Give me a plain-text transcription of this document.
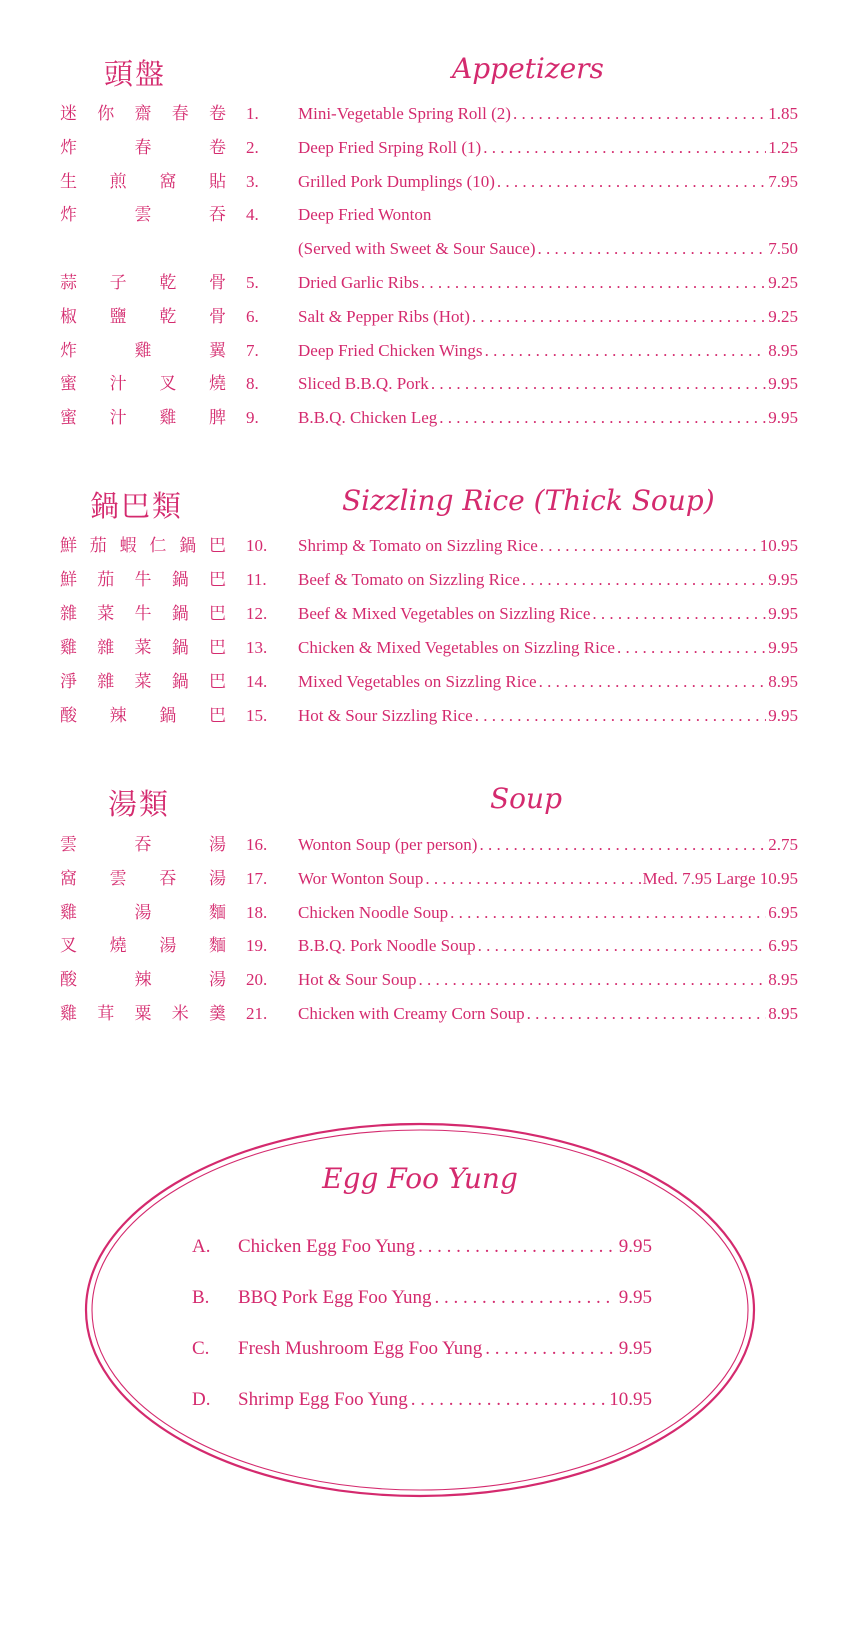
頭盤	Appetizers
迷你齋春卷 1.	Mini-Vegetable Spring Roll (2) . . .	1.85
炸春卷 2.	Deep Fried Srping Roll (1) . . .	1.25
生煎窩貼 3.	Grilled Pork Dumplings (10) . . .	7.95
炸雲吞 4.	Deep Fried Wonton
(Served with Sweet & Sour Sauce) . . .	7.50
蒜子乾骨 5.	Dried Garlic Ribs . . .	9.25
椒鹽乾骨 6.	Salt & Pepper Ribs (Hot) . . .	9.25
炸雞翼 7.	Deep Fried Chicken Wings . . .	8.95
蜜汁叉燒 8.	Sliced B.B.Q. Pork . . .	9.95
蜜汁雞脾 9.	B.B.Q. Chicken Leg . . .	9.95
鍋巴類	Sizzling Rice (Thick Soup)
鮮茄蝦仁鍋巴 10.	Shrimp & Tomato on Sizzling Rice . . .	10.95
鮮茄牛鍋巴 11.	Beef & Tomato on Sizzling Rice . . .	9.95
雜菜牛鍋巴 12.	Beef & Mixed Vegetables on Sizzling Rice . . .	9.95
雞雜菜鍋巴 13.	Chicken & Mixed Vegetables on Sizzling Rice . . .	9.95
淨雜菜鍋巴 14.	Mixed Vegetables on Sizzling Rice . . .	8.95
酸辣鍋巴 15.	Hot & Sour Sizzling Rice . . .	9.95
湯類	Soup
雲吞湯 16.	Wonton Soup (per person) . . .	2.75
窩雲吞湯 17.	Wor Wonton Soup . . .	Med. 7.95 Large 10.95
雞湯麵 18.	Chicken Noodle Soup . . .	6.95
叉燒湯麵 19.	B.B.Q. Pork Noodle Soup . . .	6.95
酸辣湯 20.	Hot & Sour Soup . . .	8.95
雞茸粟米羹 21.	Chicken with Creamy Corn Soup . . .	8.95
Egg Foo Yung
A.	Chicken Egg Foo Yung . . .	9.95
B.	BBQ Pork Egg Foo Yung . . .	9.95
C.	Fresh Mushroom Egg Foo Yung . . .	9.95
D.	Shrimp Egg Foo Yung . . .	10.95
